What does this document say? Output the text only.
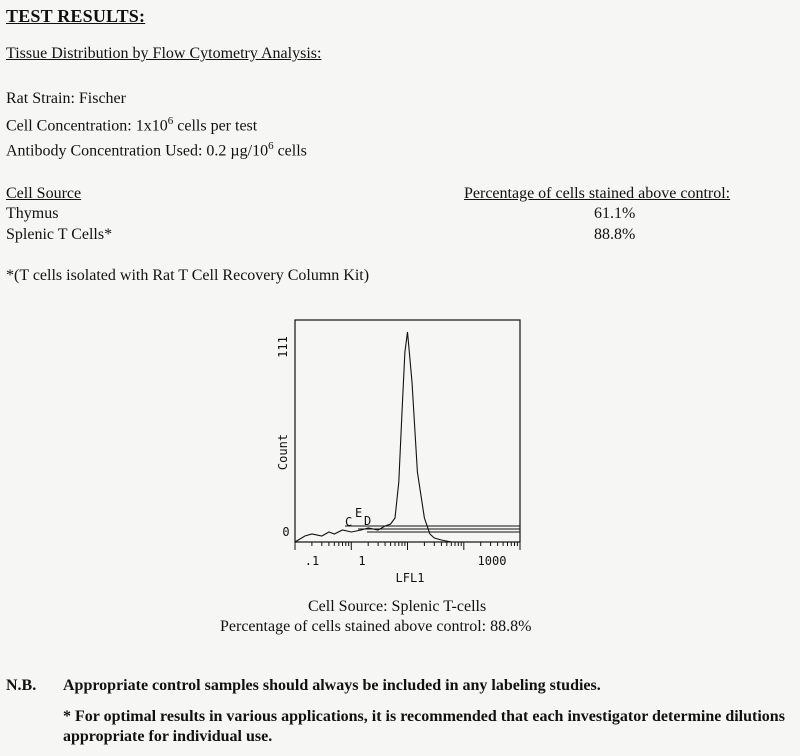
TEST RESULTS:
Tissue Distribution by Flow Cytometry Analysis:
Rat Strain: Fischer
Cell Concentration: $1x10^6$ cells per test
Antibody Concentration Used: 0.2 $\mu g/10^6$ cells
Cell Source	Percentage of cells stained above control:
Thymus	61.1%
Splenic T Cells*	88.8%
*(T cells isolated with Rat T Cell Recovery Column Kit)
111
0
Count
.1	1	1000
LFL1
C
E
D
Cell Source: Splenic T-cells
Percentage of cells stained above control: 88.8%
N.B. Appropriate control samples should always be included in any labeling studies.
* For optimal results in various applications, it is recommended that each investigator determine dilutions appropriate for individual use.
